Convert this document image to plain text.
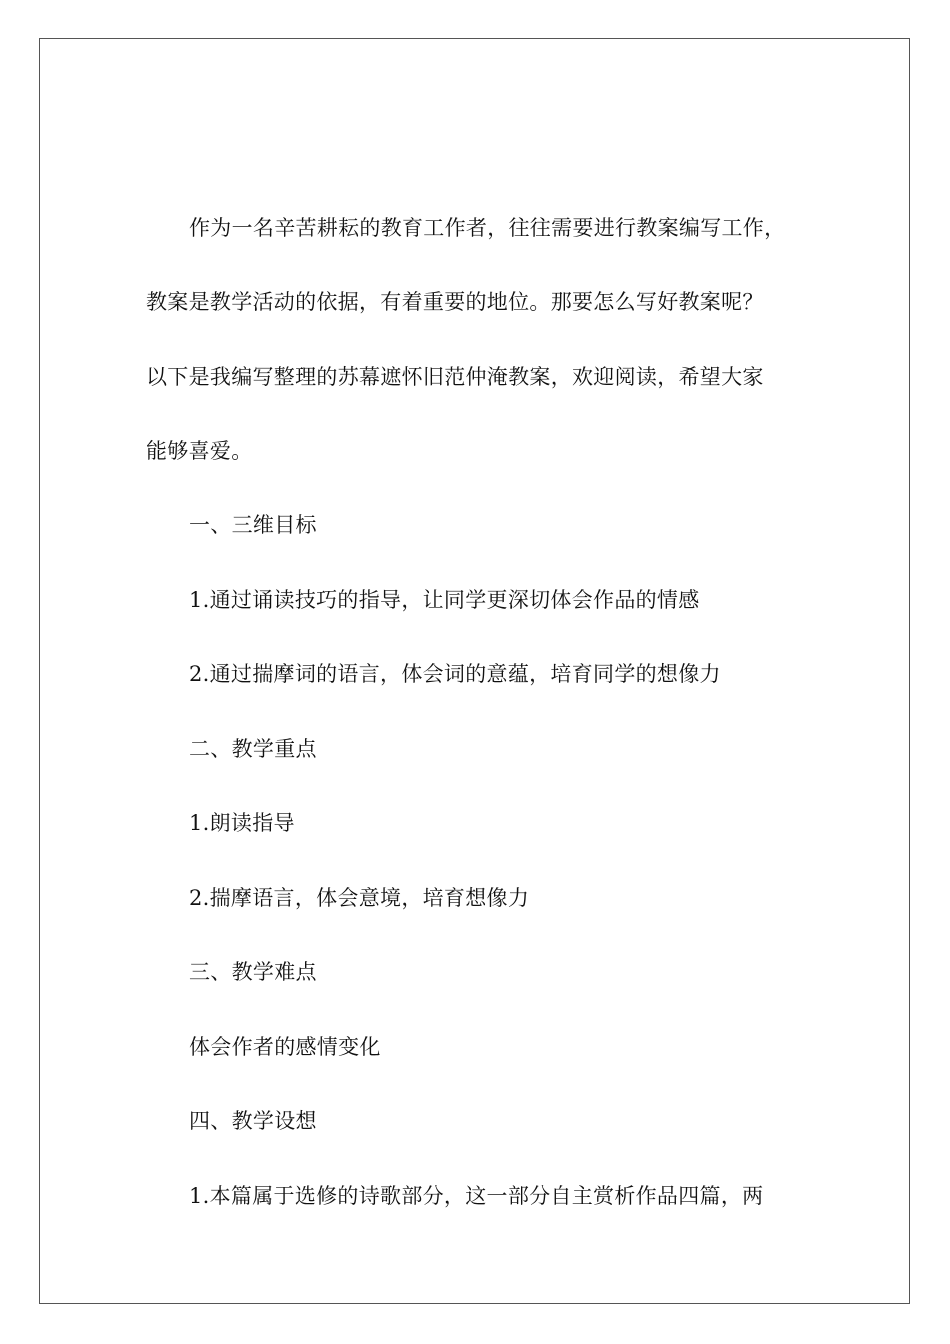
作为一名辛苦耕耘的教育工作者，往往需要进行教案编写工作，
教案是教学活动的依据，有着重要的地位。那要怎么写好教案呢？
以下是我编写整理的苏幕遮怀旧范仲淹教案，欢迎阅读，希望大家
能够喜爱。
一、三维目标
1.通过诵读技巧的指导，让同学更深切体会作品的情感
2.通过揣摩词的语言，体会词的意蕴，培育同学的想像力
二、教学重点
1.朗读指导
2.揣摩语言，体会意境，培育想像力
三、教学难点
体会作者的感情变化
四、教学设想
1.本篇属于选修的诗歌部分，这一部分自主赏析作品四篇，两
